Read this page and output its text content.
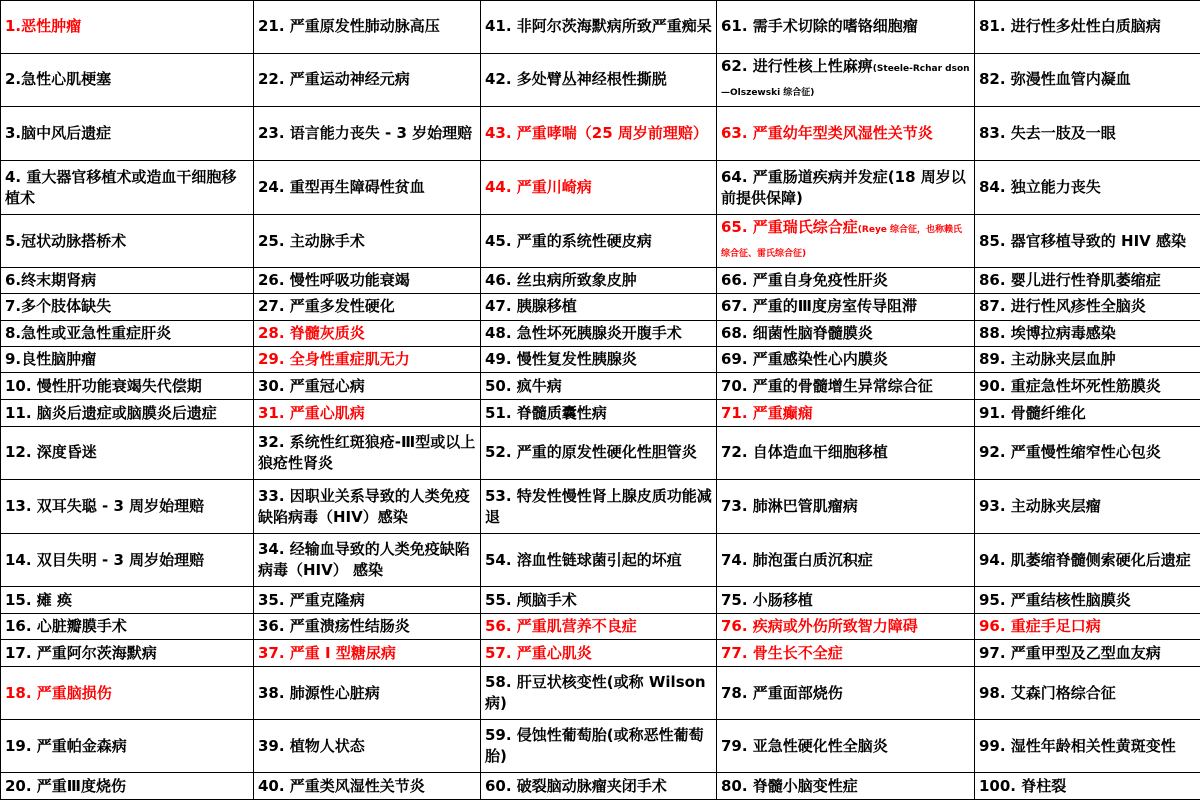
1.恶性肿瘤	21. 严重原发性肺动脉高压	41. 非阿尔茨海默病所致严重痴呆	61. 需手术切除的嗜铬细胞瘤	81. 进行性多灶性白质脑病
2.急性心肌梗塞	22. 严重运动神经元病	42. 多处臂丛神经根性撕脱	62. 进行性核上性麻痹(Steele-Rchar dson—Olszewski 综合征)	82. 弥漫性血管内凝血
3.脑中风后遗症	23. 语言能力丧失 - 3 岁始理赔	43. 严重哮喘（25 周岁前理赔）	63. 严重幼年型类风湿性关节炎	83. 失去一肢及一眼
4. 重大器官移植术或造血干细胞移植术	24. 重型再生障碍性贫血	44. 严重川崎病	64. 严重肠道疾病并发症(18 周岁以前提供保障)	84. 独立能力丧失
5.冠状动脉搭桥术	25. 主动脉手术	45. 严重的系统性硬皮病	65. 严重瑞氏综合症(Reye 综合征，也称赖氏综合征、雷氏综合征)	85. 器官移植导致的 HIV 感染
6.终末期肾病	26. 慢性呼吸功能衰竭	46. 丝虫病所致象皮肿	66. 严重自身免疫性肝炎	86. 婴儿进行性脊肌萎缩症
7.多个肢体缺失	27. 严重多发性硬化	47. 胰腺移植	67. 严重的Ⅲ度房室传导阻滞	87. 进行性风疹性全脑炎
8.急性或亚急性重症肝炎	28. 脊髓灰质炎	48. 急性坏死胰腺炎开腹手术	68. 细菌性脑脊髓膜炎	88. 埃博拉病毒感染
9.良性脑肿瘤	29. 全身性重症肌无力	49. 慢性复发性胰腺炎	69. 严重感染性心内膜炎	89. 主动脉夹层血肿
10. 慢性肝功能衰竭失代偿期	30. 严重冠心病	50. 疯牛病	70. 严重的骨髓增生异常综合征	90. 重症急性坏死性筋膜炎
11. 脑炎后遗症或脑膜炎后遗症	31. 严重心肌病	51. 脊髓质囊性病	71. 严重癫痫	91. 骨髓纤维化
12. 深度昏迷	32. 系统性红斑狼疮-Ⅲ型或以上狼疮性肾炎	52. 严重的原发性硬化性胆管炎	72. 自体造血干细胞移植	92. 严重慢性缩窄性心包炎
13. 双耳失聪 - 3 周岁始理赔	33. 因职业关系导致的人类免疫缺陷病毒（HIV）感染	53. 特发性慢性肾上腺皮质功能减退	73. 肺淋巴管肌瘤病	93. 主动脉夹层瘤
14. 双目失明 - 3 周岁始理赔	34. 经输血导致的人类免疫缺陷病毒（HIV） 感染	54. 溶血性链球菌引起的坏疽	74. 肺泡蛋白质沉积症	94. 肌萎缩脊髓侧索硬化后遗症
15. 瘫 痪	35. 严重克隆病	55. 颅脑手术	75. 小肠移植	95. 严重结核性脑膜炎
16. 心脏瓣膜手术	36. 严重溃疡性结肠炎	56. 严重肌营养不良症	76. 疾病或外伤所致智力障碍	96. 重症手足口病
17. 严重阿尔茨海默病	37. 严重 I 型糖尿病	57. 严重心肌炎	77. 骨生长不全症	97. 严重甲型及乙型血友病
18. 严重脑损伤	38. 肺源性心脏病	58. 肝豆状核变性(或称 Wilson 病)	78. 严重面部烧伤	98. 艾森门格综合征
19. 严重帕金森病	39. 植物人状态	59. 侵蚀性葡萄胎(或称恶性葡萄胎)	79. 亚急性硬化性全脑炎	99. 湿性年龄相关性黄斑变性
20. 严重Ⅲ度烧伤	40. 严重类风湿性关节炎	60. 破裂脑动脉瘤夹闭手术	80. 脊髓小脑变性症	100. 脊柱裂
